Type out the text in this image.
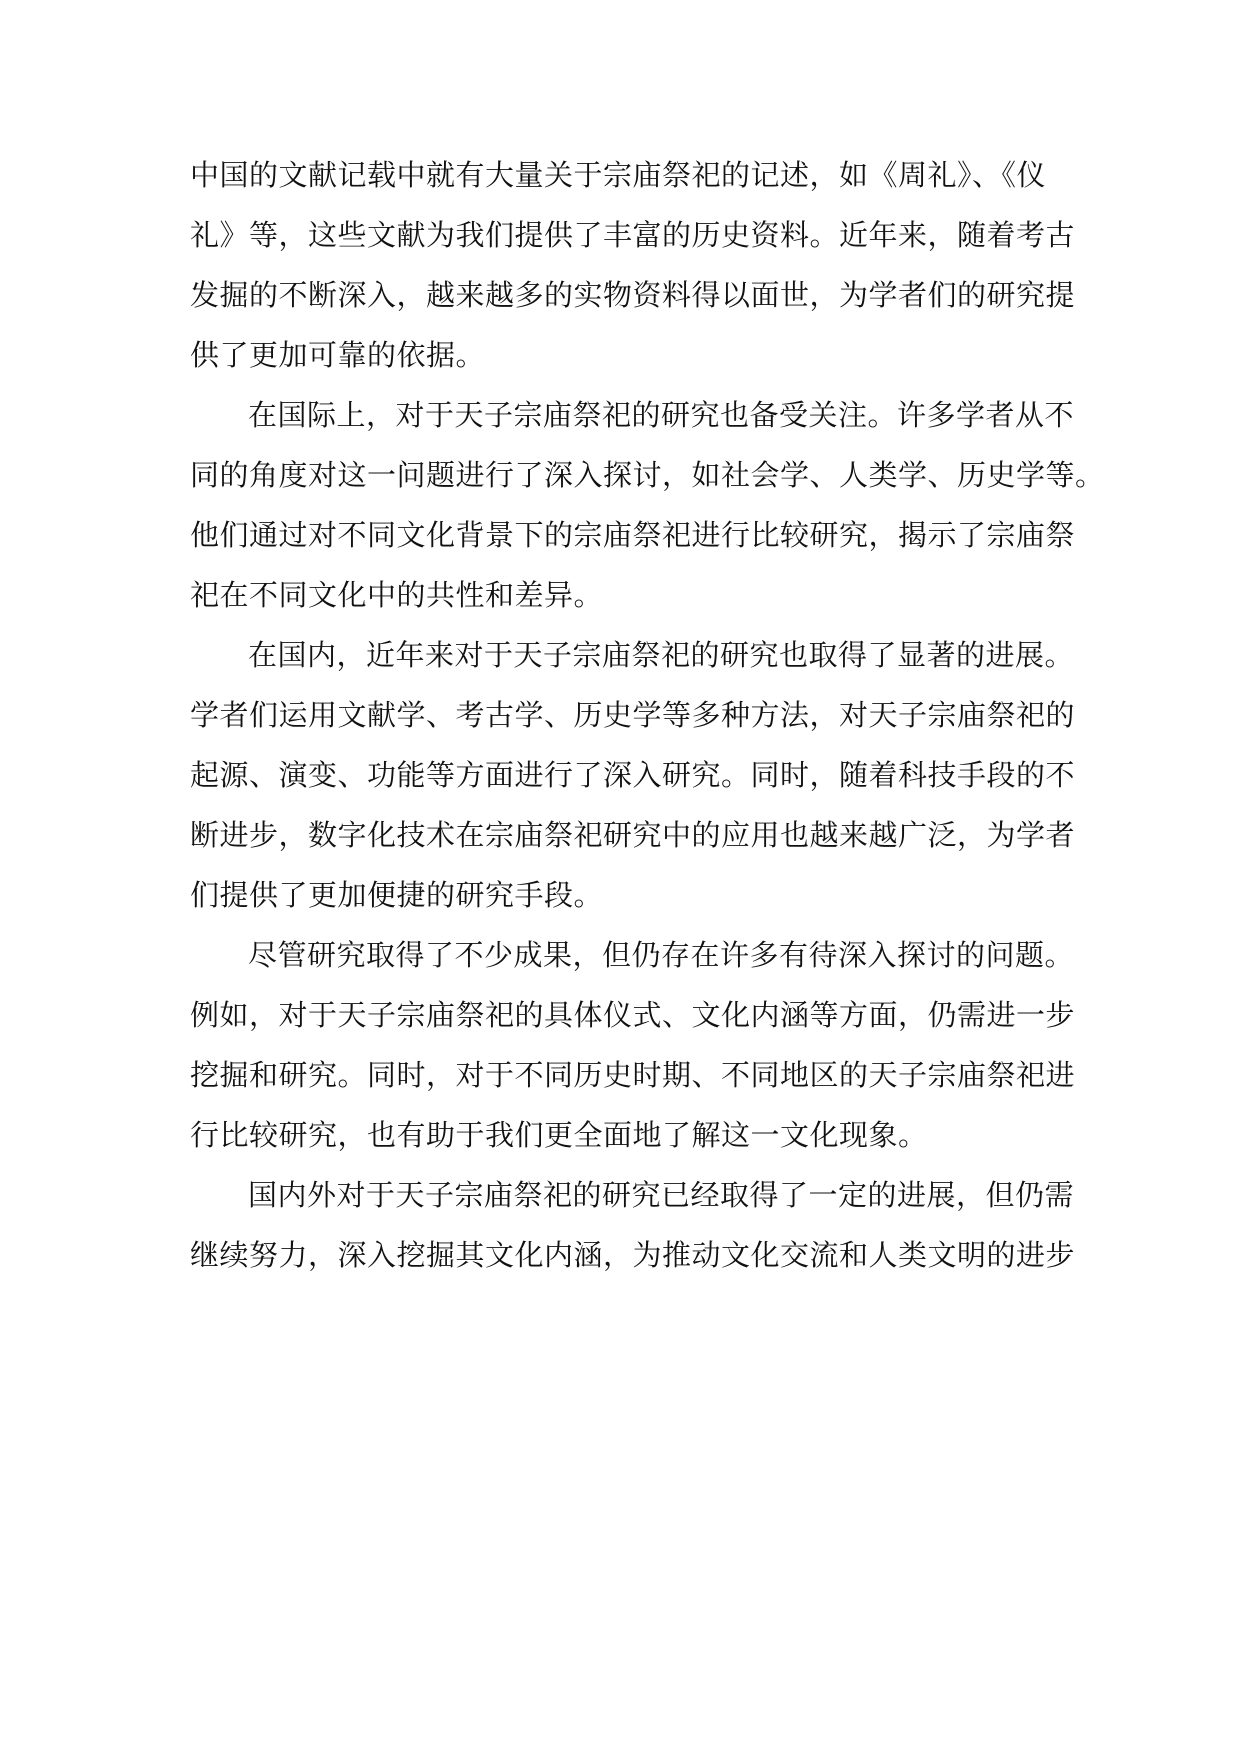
中国的文献记载中就有大量关于宗庙祭祀的记述，如《周礼》、《仪
礼》等，这些文献为我们提供了丰富的历史资料。近年来，随着考古
发掘的不断深入，越来越多的实物资料得以面世，为学者们的研究提
供了更加可靠的依据。

在国际上，对于天子宗庙祭祀的研究也备受关注。许多学者从不
同的角度对这一问题进行了深入探讨，如社会学、人类学、历史学等。
他们通过对不同文化背景下的宗庙祭祀进行比较研究，揭示了宗庙祭
祀在不同文化中的共性和差异。

在国内，近年来对于天子宗庙祭祀的研究也取得了显著的进展。
学者们运用文献学、考古学、历史学等多种方法，对天子宗庙祭祀的
起源、演变、功能等方面进行了深入研究。同时，随着科技手段的不
断进步，数字化技术在宗庙祭祀研究中的应用也越来越广泛，为学者
们提供了更加便捷的研究手段。

尽管研究取得了不少成果，但仍存在许多有待深入探讨的问题。
例如，对于天子宗庙祭祀的具体仪式、文化内涵等方面，仍需进一步
挖掘和研究。同时，对于不同历史时期、不同地区的天子宗庙祭祀进
行比较研究，也有助于我们更全面地了解这一文化现象。

国内外对于天子宗庙祭祀的研究已经取得了一定的进展，但仍需
继续努力，深入挖掘其文化内涵，为推动文化交流和人类文明的进步
